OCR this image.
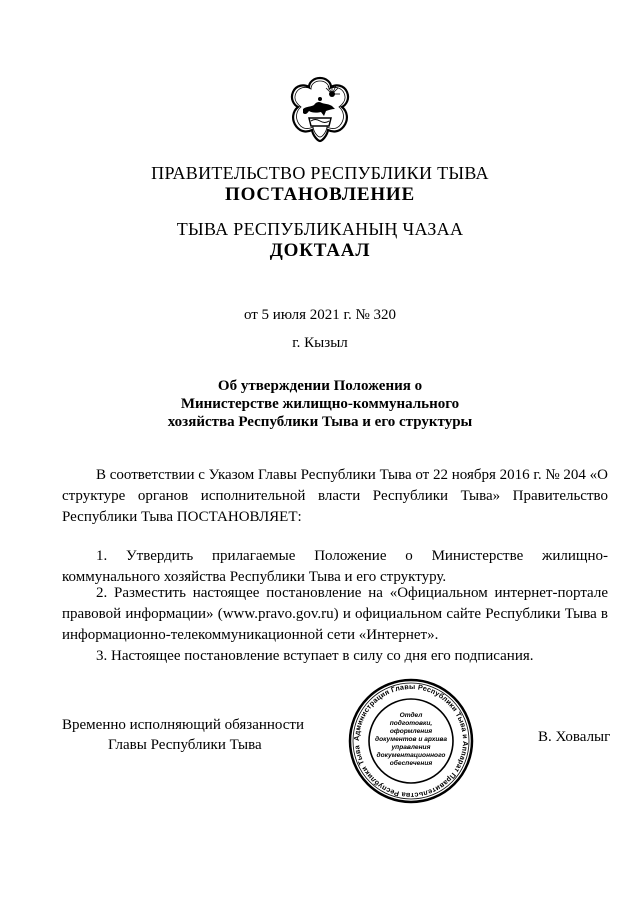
ПРАВИТЕЛЬСТВО РЕСПУБЛИКИ ТЫВА
ПОСТАНОВЛЕНИЕ
ТЫВА РЕСПУБЛИКАНЫҢ ЧАЗАА
ДОКТААЛ
от 5 июля 2021 г. № 320
г. Кызыл
Об утверждении Положения о
Министерстве жилищно-коммунального
хозяйства Республики Тыва и его структуры
В соответствии с Указом Главы Республики Тыва от 22 ноября 2016 г. № 204 «О структуре органов исполнительной власти Республики Тыва» Правительство Республики Тыва ПОСТАНОВЛЯЕТ:
1. Утвердить прилагаемые Положение о Министерстве жилищно-коммунального хозяйства Республики Тыва и его структуру.
2. Разместить настоящее постановление на «Официальном интернет-портале правовой информации» (www.pravo.gov.ru) и официальном сайте Республики Тыва в информационно-телекоммуникационной сети «Интернет».
3. Настоящее постановление вступает в силу со дня его подписания.
Временно исполняющий обязанности
Главы Республики Тыва	В. Ховалыг
Администрация Главы Республики Тыва и Аппарат Правительства Республики Тыва
Отдел
подготовки,
оформления
документов и архива
управления
документационного
обеспечения
